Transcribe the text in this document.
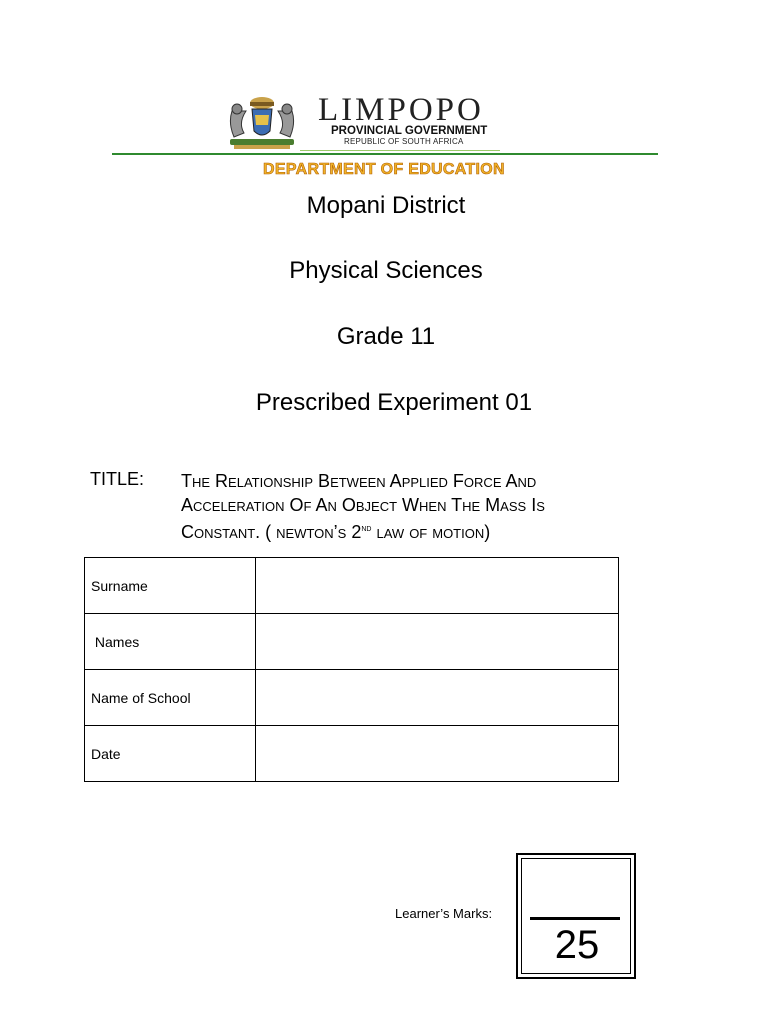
LIMPOPO
PROVINCIAL GOVERNMENT
REPUBLIC OF SOUTH AFRICA
DEPARTMENT OF EDUCATION
Mopani District
Physical Sciences
Grade 11
Prescribed Experiment 01
TITLE: The Relationship Between Applied Force And
Acceleration Of An Object When The Mass Is
Constant. ( newton’s 2nd law of motion)
Surname	
Names	
Name of School	
Date	
Learner’s Marks:
25
